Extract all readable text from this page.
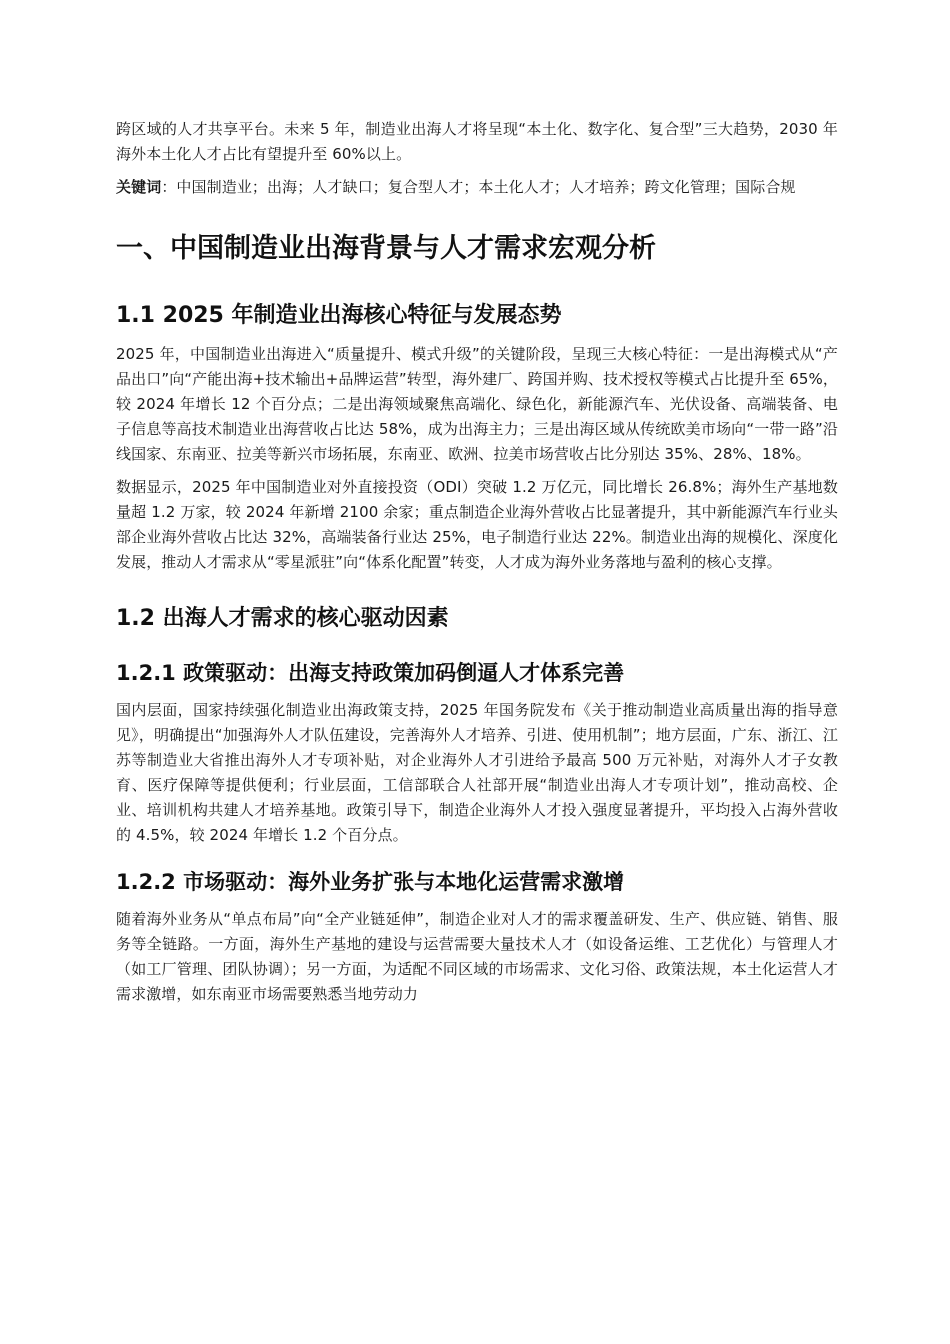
跨区域的人才共享平台。未来 5 年，制造业出海人才将呈现“本土化、数字化、复合型”三大趋势，2030 年海外本土化人才占比有望提升至 60%以上。

关键词：中国制造业；出海；人才缺口；复合型人才；本土化人才；人才培养；跨文化管理；国际合规

一、中国制造业出海背景与人才需求宏观分析
1.1 2025 年制造业出海核心特征与发展态势

2025 年，中国制造业出海进入“质量提升、模式升级”的关键阶段，呈现三大核心特征：一是出海模式从“产品出口”向“产能出海+技术输出+品牌运营”转型，海外建厂、跨国并购、技术授权等模式占比提升至 65%，较 2024 年增长 12 个百分点；二是出海领域聚焦高端化、绿色化，新能源汽车、光伏设备、高端装备、电子信息等高技术制造业出海营收占比达 58%，成为出海主力；三是出海区域从传统欧美市场向“一带一路”沿线国家、东南亚、拉美等新兴市场拓展，东南亚、欧洲、拉美市场营收占比分别达 35%、28%、18%。

数据显示，2025 年中国制造业对外直接投资（ODI）突破 1.2 万亿元，同比增长 26.8%；海外生产基地数量超 1.2 万家，较 2024 年新增 2100 余家；重点制造企业海外营收占比显著提升，其中新能源汽车行业头部企业海外营收占比达 32%，高端装备行业达 25%，电子制造行业达 22%。制造业出海的规模化、深度化发展，推动人才需求从“零星派驻”向“体系化配置”转变，人才成为海外业务落地与盈利的核心支撑。

1.2 出海人才需求的核心驱动因素
1.2.1 政策驱动：出海支持政策加码倒逼人才体系完善

国内层面，国家持续强化制造业出海政策支持，2025 年国务院发布《关于推动制造业高质量出海的指导意见》，明确提出“加强海外人才队伍建设，完善海外人才培养、引进、使用机制”；地方层面，广东、浙江、江苏等制造业大省推出海外人才专项补贴，对企业海外人才引进给予最高 500 万元补贴，对海外人才子女教育、医疗保障等提供便利；行业层面，工信部联合人社部开展“制造业出海人才专项计划”，推动高校、企业、培训机构共建人才培养基地。政策引导下，制造企业海外人才投入强度显著提升，平均投入占海外营收的 4.5%，较 2024 年增长 1.2 个百分点。

1.2.2 市场驱动：海外业务扩张与本地化运营需求激增

随着海外业务从“单点布局”向“全产业链延伸”，制造企业对人才的需求覆盖研发、生产、供应链、销售、服务等全链路。一方面，海外生产基地的建设与运营需要大量技术人才（如设备运维、工艺优化）与管理人才（如工厂管理、团队协调）；另一方面，为适配不同区域的市场需求、文化习俗、政策法规，本土化运营人才需求激增，如东南亚市场需要熟悉当地劳动力
